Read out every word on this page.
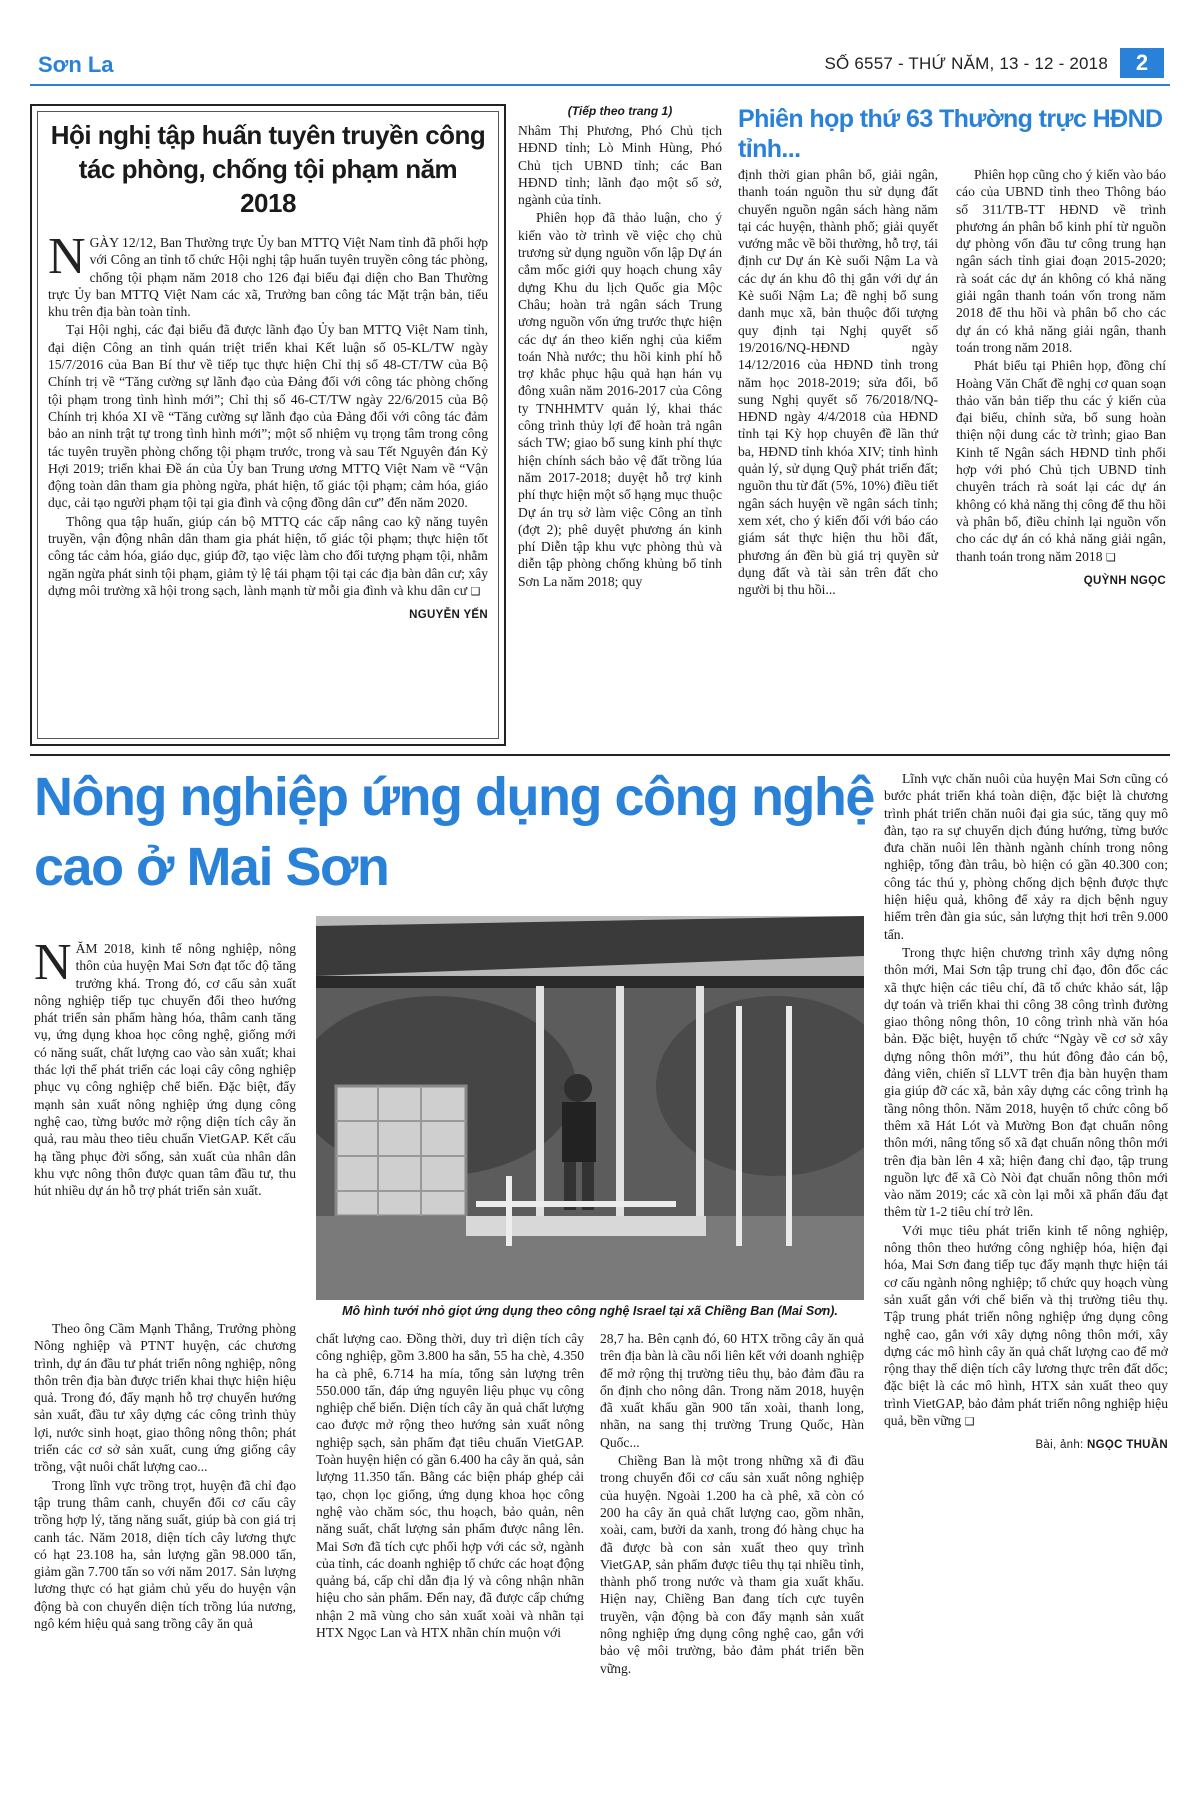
Sơn La	SỐ 6557 - THỨ NĂM, 13 - 12 - 2018	2
Hội nghị tập huấn tuyên truyền công tác phòng, chống tội phạm năm 2018

NGÀY 12/12, Ban Thường trực Ủy ban MTTQ Việt Nam tỉnh đã phối hợp với Công an tỉnh tổ chức Hội nghị tập huấn tuyên truyền công tác phòng, chống tội phạm năm 2018 cho 126 đại biểu đại diện cho Ban Thường trực Ủy ban MTTQ Việt Nam các xã, Trưởng ban công tác Mặt trận bản, tiểu khu trên địa bàn toàn tỉnh.

Tại Hội nghị, các đại biểu đã được lãnh đạo Ủy ban MTTQ Việt Nam tỉnh, đại diện Công an tỉnh quán triệt triển khai Kết luận số 05-KL/TW ngày 15/7/2016 của Ban Bí thư về tiếp tục thực hiện Chỉ thị số 48-CT/TW của Bộ Chính trị về “Tăng cường sự lãnh đạo của Đảng đối với công tác phòng chống tội phạm trong tình hình mới”; Chỉ thị số 46-CT/TW ngày 22/6/2015 của Bộ Chính trị khóa XI về “Tăng cường sự lãnh đạo của Đảng đối với công tác đảm bảo an ninh trật tự trong tình hình mới”; một số nhiệm vụ trọng tâm trong công tác tuyên truyền phòng chống tội phạm trước, trong và sau Tết Nguyên đán Kỷ Hợi 2019; triển khai Đề án của Ủy ban Trung ương MTTQ Việt Nam về “Vận động toàn dân tham gia phòng ngừa, phát hiện, tố giác tội phạm; cảm hóa, giáo dục, cải tạo người phạm tội tại gia đình và cộng đồng dân cư” đến năm 2020.

Thông qua tập huấn, giúp cán bộ MTTQ các cấp nâng cao kỹ năng tuyên truyền, vận động nhân dân tham gia phát hiện, tố giác tội phạm; thực hiện tốt công tác cảm hóa, giáo dục, giúp đỡ, tạo việc làm cho đối tượng phạm tội, nhằm ngăn ngừa phát sinh tội phạm, giảm tỷ lệ tái phạm tội tại các địa bàn dân cư; xây dựng môi trường xã hội trong sạch, lành mạnh từ mỗi gia đình và khu dân cư ❑

NGUYỄN YẾN
(Tiếp theo trang 1)

Nhâm Thị Phương, Phó Chủ tịch HĐND tỉnh; Lò Minh Hùng, Phó Chủ tịch UBND tỉnh; các Ban HĐND tỉnh; lãnh đạo một số sở, ngành của tỉnh.

Phiên họp đã thảo luận, cho ý kiến vào tờ trình về việc chọ chủ trương sử dụng nguồn vốn lập Dự án cắm mốc giới quy hoạch chung xây dựng Khu du lịch Quốc gia Mộc Châu; hoàn trả ngân sách Trung ương nguồn vốn ứng trước thực hiện các dự án theo kiến nghị của kiểm toán Nhà nước; thu hồi kinh phí hỗ trợ khắc phục hậu quả hạn hán vụ đông xuân năm 2016-2017 của Công ty TNHHMTV quản lý, khai thác công trình thủy lợi để hoàn trả ngân sách TW; giao bổ sung kinh phí thực hiện chính sách bảo vệ đất trồng lúa năm 2017-2018; duyệt hỗ trợ kinh phí thực hiện một số hạng mục thuộc Dự án trụ sở làm việc Công an tỉnh (đợt 2); phê duyệt phương án kinh phí Diễn tập khu vực phòng thủ và diễn tập phòng chống khủng bố tỉnh Sơn La năm 2018; quy

Phiên họp thứ 63 Thường trực HĐND tỉnh...

định thời gian phân bổ, giải ngân, thanh toán nguồn thu sử dụng đất chuyển nguồn ngân sách hàng năm tại các huyện, thành phố; giải quyết vướng mắc về bồi thường, hỗ trợ, tái định cư Dự án Kè suối Nậm La và các dự án khu đô thị gắn với dự án Kè suối Nậm La; đề nghị bổ sung danh mục xã, bản thuộc đối tượng quy định tại Nghị quyết số 19/2016/NQ-HĐND ngày 14/12/2016 của HĐND tỉnh trong năm học 2018-2019; sửa đổi, bổ sung Nghị quyết số 76/2018/NQ-HĐND ngày 4/4/2018 của HĐND tỉnh tại Kỳ họp chuyên đề lần thứ ba, HĐND tỉnh khóa XIV; tỉnh hình quản lý, sử dụng Quỹ phát triển đất; nguồn thu từ đất (5%, 10%) điều tiết ngân sách huyện về ngân sách tỉnh; xem xét, cho ý kiến đối với báo cáo giám sát thực hiện thu hồi đất, phương án đền bù giá trị quyền sử dụng đất và tài sản trên đất cho người bị thu hồi...

Phiên họp cũng cho ý kiến vào báo cáo của UBND tỉnh theo Thông báo số 311/TB-TT HĐND về trình phương án phân bổ kinh phí từ nguồn dự phòng vốn đầu tư công trung hạn ngân sách tỉnh giai đoạn 2015-2020; rà soát các dự án không có khả năng giải ngân thanh toán vốn trong năm 2018 để thu hồi và phân bổ cho các dự án có khả năng giải ngân, thanh toán trong năm 2018.

Phát biểu tại Phiên họp, đồng chí Hoàng Văn Chất đề nghị cơ quan soạn thảo văn bản tiếp thu các ý kiến của đại biểu, chỉnh sửa, bổ sung hoàn thiện nội dung các tờ trình; giao Ban Kinh tế Ngân sách HĐND tỉnh phối hợp với phó Chủ tịch UBND tỉnh chuyên trách rà soát lại các dự án không có khả năng thị công để thu hồi và phân bổ, điều chỉnh lại nguồn vốn cho các dự án có khả năng giải ngân, thanh toán trong năm 2018 ❑

QUỲNH NGỌC
Nông nghiệp ứng dụng công nghệ cao ở Mai Sơn

NĂM 2018, kinh tế nông nghiệp, nông thôn của huyện Mai Sơn đạt tốc độ tăng trưởng khá. Trong đó, cơ cấu sản xuất nông nghiệp tiếp tục chuyển đổi theo hướng phát triển sản phẩm hàng hóa, thâm canh tăng vụ, ứng dụng khoa học công nghệ, giống mới có năng suất, chất lượng cao vào sản xuất; khai thác lợi thế phát triển các loại cây công nghiệp phục vụ công nghiệp chế biến. Đặc biệt, đẩy mạnh sản xuất nông nghiệp ứng dụng công nghệ cao, từng bước mở rộng diện tích cây ăn quả, rau màu theo tiêu chuẩn VietGAP. Kết cấu hạ tầng phục đời sống, sản xuất của nhân dân khu vực nông thôn được quan tâm đầu tư, thu hút nhiều dự án hỗ trợ phát triển sản xuất.

Mô hình tưới nhỏ giọt ứng dụng theo công nghệ Israel tại xã Chiềng Ban (Mai Sơn).

Theo ông Cầm Mạnh Thắng, Trưởng phòng Nông nghiệp và PTNT huyện, các chương trình, dự án đầu tư phát triển nông nghiệp, nông thôn trên địa bàn được triển khai thực hiện hiệu quả. Trong đó, đẩy mạnh hỗ trợ chuyển hướng sản xuất, đầu tư xây dựng các công trình thủy lợi, nước sinh hoạt, giao thông nông thôn; phát triển các cơ sở sản xuất, cung ứng giống cây trồng, vật nuôi chất lượng cao...

Trong lĩnh vực trồng trọt, huyện đã chỉ đạo tập trung thâm canh, chuyển đổi cơ cấu cây trồng hợp lý, tăng năng suất, giúp bà con giá trị canh tác. Năm 2018, diện tích cây lương thực có hạt 23.108 ha, sản lượng gần 98.000 tấn, giảm gần 7.700 tấn so với năm 2017. Sản lượng lương thực có hạt giảm chủ yếu do huyện vận động bà con chuyển diện tích trồng lúa nương, ngô kém hiệu quả sang trồng cây ăn quả

chất lượng cao. Đồng thời, duy trì diện tích cây công nghiệp, gồm 3.800 ha sắn, 55 ha chè, 4.350 ha cà phê, 6.714 ha mía, tổng sản lượng trên 550.000 tấn, đáp ứng nguyên liệu phục vụ công nghiệp chế biến. Diện tích cây ăn quả chất lượng cao được mở rộng theo hướng sản xuất nông nghiệp sạch, sản phẩm đạt tiêu chuẩn VietGAP. Toàn huyện hiện có gần 6.400 ha cây ăn quả, sản lượng 11.350 tấn. Bằng các biện pháp ghép cải tạo, chọn lọc giống, ứng dụng khoa học công nghệ vào chăm sóc, thu hoạch, bảo quản, nên năng suất, chất lượng sản phẩm được nâng lên. Mai Sơn đã tích cực phối hợp với các sở, ngành của tỉnh, các doanh nghiệp tổ chức các hoạt động quảng bá, cấp chỉ dẫn địa lý và công nhận nhãn hiệu cho sản phẩm. Đến nay, đã được cấp chứng nhận 2 mã vùng cho sản xuất xoài và nhãn tại HTX Ngọc Lan và HTX nhãn chín muộn với

28,7 ha. Bên cạnh đó, 60 HTX trồng cây ăn quả trên địa bàn là cầu nối liên kết với doanh nghiệp để mở rộng thị trường tiêu thụ, bảo đảm đầu ra ổn định cho nông dân. Trong năm 2018, huyện đã xuất khẩu gần 900 tấn xoài, thanh long, nhãn, na sang thị trường Trung Quốc, Hàn Quốc...

Chiềng Ban là một trong những xã đi đầu trong chuyển đổi cơ cấu sản xuất nông nghiệp của huyện. Ngoài 1.200 ha cà phê, xã còn có 200 ha cây ăn quả chất lượng cao, gồm nhãn, xoài, cam, bưởi da xanh, trong đó hàng chục ha đã được bà con sản xuất theo quy trình VietGAP, sản phẩm được tiêu thụ tại nhiều tỉnh, thành phố trong nước và tham gia xuất khẩu. Hiện nay, Chiềng Ban đang tích cực tuyên truyền, vận động bà con đẩy mạnh sản xuất nông nghiệp ứng dụng công nghệ cao, gắn với bảo vệ môi trường, bảo đảm phát triển bền vững.

Lĩnh vực chăn nuôi của huyện Mai Sơn cũng có bước phát triển khá toàn diện, đặc biệt là chương trình phát triển chăn nuôi đại gia súc, tăng quy mô đàn, tạo ra sự chuyển dịch đúng hướng, từng bước đưa chăn nuôi lên thành ngành chính trong nông nghiệp, tổng đàn trâu, bò hiện có gần 40.300 con; công tác thú y, phòng chống dịch bệnh được thực hiện hiệu quả, không để xảy ra dịch bệnh nguy hiểm trên đàn gia súc, sản lượng thịt hơi trên 9.000 tấn.

Trong thực hiện chương trình xây dựng nông thôn mới, Mai Sơn tập trung chỉ đạo, đôn đốc các xã thực hiện các tiêu chí, đã tổ chức khảo sát, lập dự toán và triển khai thi công 38 công trình đường giao thông nông thôn, 10 công trình nhà văn hóa bản. Đặc biệt, huyện tổ chức “Ngày về cơ sở xây dựng nông thôn mới”, thu hút đông đảo cán bộ, đảng viên, chiến sĩ LLVT trên địa bàn huyện tham gia giúp đỡ các xã, bản xây dựng các công trình hạ tầng nông thôn. Năm 2018, huyện tổ chức công bố thêm xã Hát Lót và Mường Bon đạt chuẩn nông thôn mới, nâng tổng số xã đạt chuẩn nông thôn mới trên địa bàn lên 4 xã; hiện đang chỉ đạo, tập trung nguồn lực để xã Cò Nòi đạt chuẩn nông thôn mới vào năm 2019; các xã còn lại mỗi xã phấn đấu đạt thêm từ 1-2 tiêu chí trở lên.

Với mục tiêu phát triển kinh tế nông nghiệp, nông thôn theo hướng công nghiệp hóa, hiện đại hóa, Mai Sơn đang tiếp tục đẩy mạnh thực hiện tái cơ cấu ngành nông nghiệp; tổ chức quy hoạch vùng sản xuất gắn với chế biến và thị trường tiêu thụ. Tập trung phát triển nông nghiệp ứng dụng công nghệ cao, gắn với xây dựng nông thôn mới, xây dựng các mô hình cây ăn quả chất lượng cao để mở rộng thay thế diện tích cây lương thực trên đất dốc; đặc biệt là các mô hình, HTX sản xuất theo quy trình VietGAP, bảo đảm phát triển nông nghiệp hiệu quả, bền vững ❑

Bài, ảnh: NGỌC THUẦN
